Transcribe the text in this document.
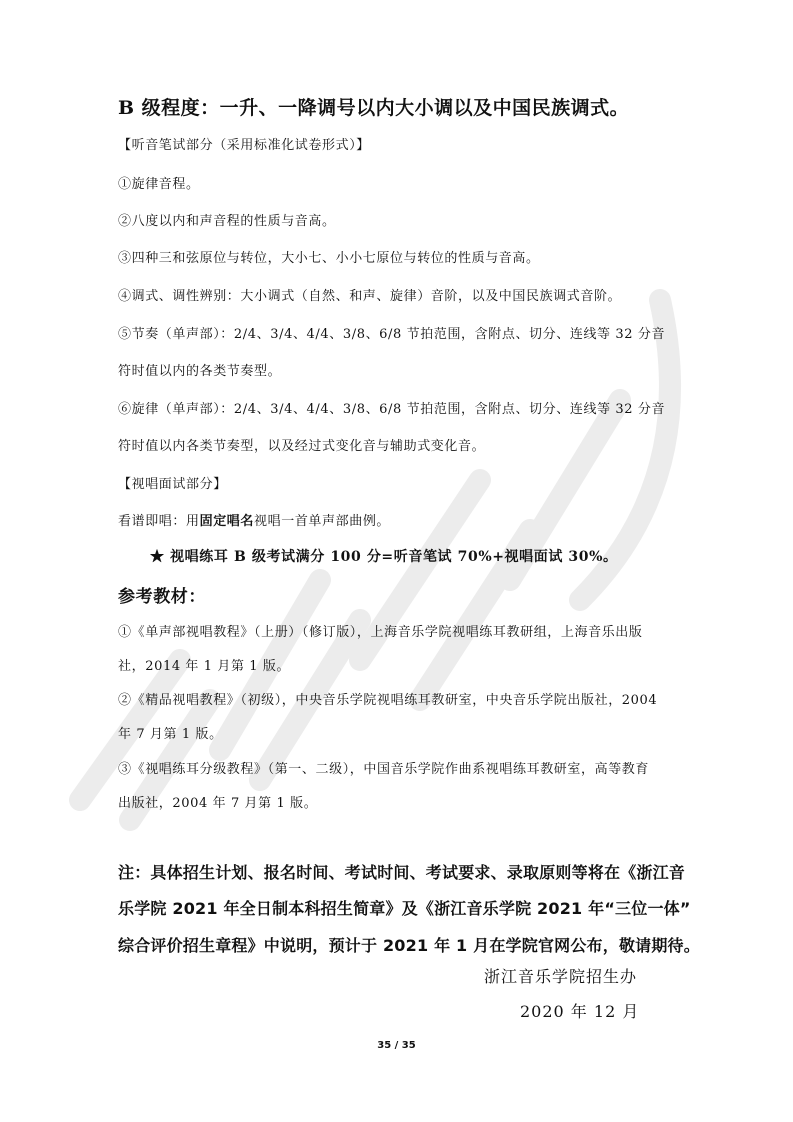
B 级程度：一升、一降调号以内大小调以及中国民族调式。
【听音笔试部分（采用标准化试卷形式）】
①旋律音程。
②八度以内和声音程的性质与音高。
③四种三和弦原位与转位，大小七、小小七原位与转位的性质与音高。
④调式、调性辨别：大小调式（自然、和声、旋律）音阶，以及中国民族调式音阶。
⑤节奏（单声部）：2/4、3/4、4/4、3/8、6/8 节拍范围，含附点、切分、连线等 32 分音
符时值以内的各类节奏型。
⑥旋律（单声部）：2/4、3/4、4/4、3/8、6/8 节拍范围，含附点、切分、连线等 32 分音
符时值以内各类节奏型，以及经过式变化音与辅助式变化音。
【视唱面试部分】
看谱即唱：用固定唱名视唱一首单声部曲例。
★ 视唱练耳 B 级考试满分 100 分=听音笔试 70%+视唱面试 30%。
参考教材：
①《单声部视唱教程》（上册）（修订版），上海音乐学院视唱练耳教研组，上海音乐出版
社，2014 年 1 月第 1 版。
②《精品视唱教程》（初级），中央音乐学院视唱练耳教研室，中央音乐学院出版社，2004
年 7 月第 1 版。
③《视唱练耳分级教程》（第一、二级），中国音乐学院作曲系视唱练耳教研室，高等教育
出版社，2004 年 7 月第 1 版。
注：具体招生计划、报名时间、考试时间、考试要求、录取原则等将在《浙江音
乐学院 2021 年全日制本科招生简章》及《浙江音乐学院 2021 年“三位一体”
综合评价招生章程》中说明，预计于 2021 年 1 月在学院官网公布，敬请期待。
浙江音乐学院招生办
2020 年 12 月
35 / 35
